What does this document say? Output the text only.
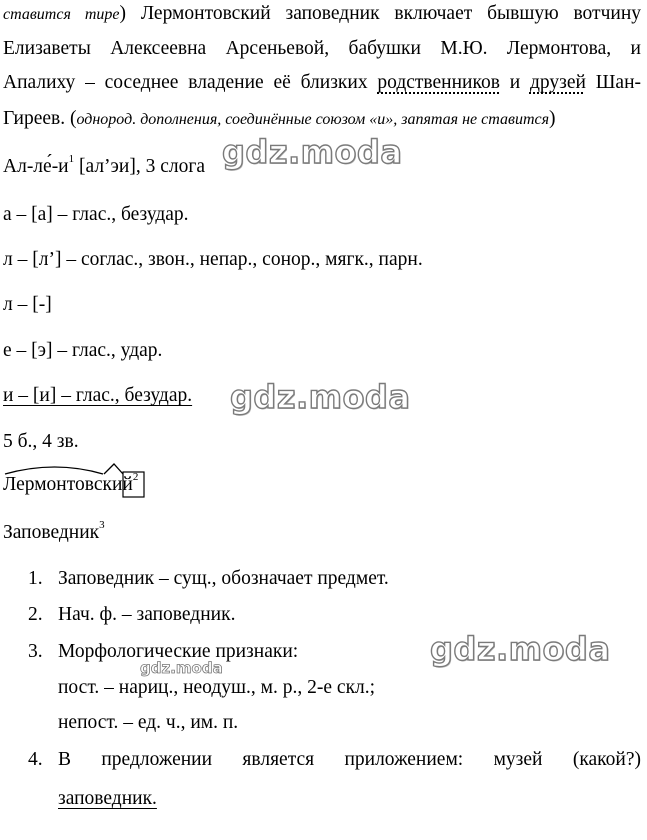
ставится тире) Лермонтовский заповедник включает бывшую вотчину
Елизаветы Алексеевна Арсеньевой, бабушки М.Ю. Лермонтова, и
Апалиху – соседнее владение её близких родственников и друзей Шан-
Гиреев. (однород. дополнения, соединённые союзом «и», запятая не ставится)
$Ал-ле́-и^1$ [ал’эи], 3 слога
а – [а] – глас., безудар.
л – [л’] – соглас., звон., непар., сонор., мягк., парн.
л – [-]
е – [э] – глас., удар.
и – [и] – глас., безудар.
5 б., 4 зв.
Лермонтовский$^2$
Заповедник$^3$
1. Заповедник – сущ., обозначает предмет.
2. Нач. ф. – заповедник.
3. Морфологические признаки:
пост. – нариц., неодуш., м. р., 2-е скл.;
непост. – ед. ч., им. п.
4. В предложении является приложением: музей (какой?)
заповедник.
gdz.moda
gdz.moda
gdz.moda
gdz.moda
